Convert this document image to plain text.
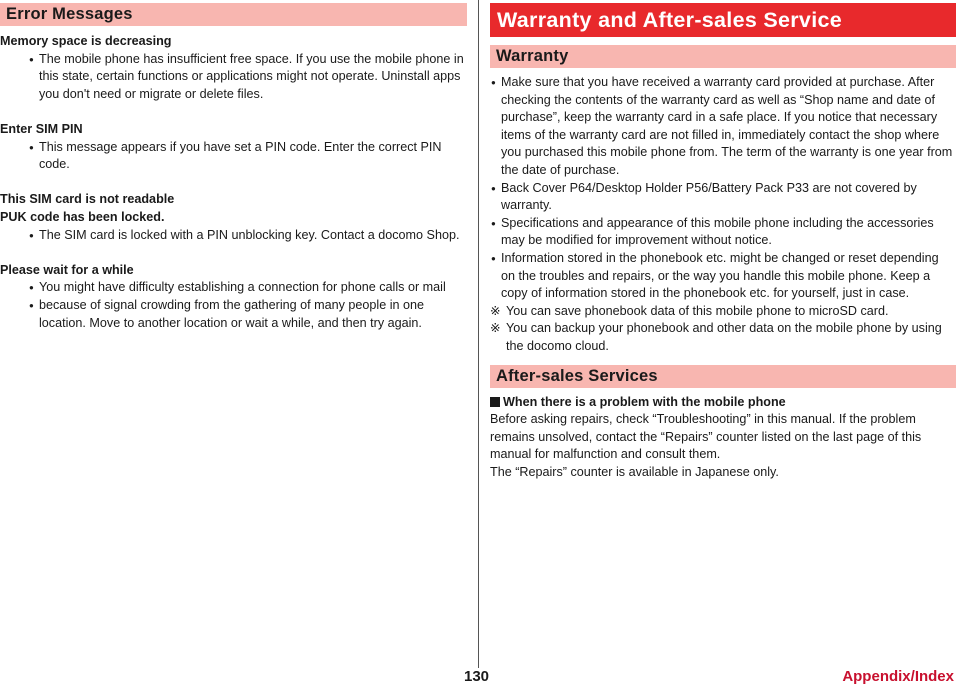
Error Messages
Memory space is decreasing
● The mobile phone has insufficient free space. If you use the mobile phone in this state, certain functions or applications might not operate. Uninstall apps you don't need or migrate or delete files.
Enter SIM PIN
● This message appears if you have set a PIN code. Enter the correct PIN code.
This SIM card is not readable
PUK code has been locked.
● The SIM card is locked with a PIN unblocking key. Contact a docomo Shop.
Please wait for a while
● You might have difficulty establishing a connection for phone calls or mail
● because of signal crowding from the gathering of many people in one location. Move to another location or wait a while, and then try again.
Warranty and After-sales Service
Warranty
● Make sure that you have received a warranty card provided at purchase. After checking the contents of the warranty card as well as “Shop name and date of purchase”, keep the warranty card in a safe place. If you notice that necessary items of the warranty card are not filled in, immediately contact the shop where you purchased this mobile phone from. The term of the warranty is one year from the date of purchase.
● Back Cover P64/Desktop Holder P56/Battery Pack P33 are not covered by warranty.
● Specifications and appearance of this mobile phone including the accessories may be modified for improvement without notice.
● Information stored in the phonebook etc. might be changed or reset depending on the troubles and repairs, or the way you handle this mobile phone. Keep a copy of information stored in the phonebook etc. for yourself, just in case.
※ You can save phonebook data of this mobile phone to microSD card.
※ You can backup your phonebook and other data on the mobile phone by using the docomo cloud.
After-sales Services
When there is a problem with the mobile phone
Before asking repairs, check “Troubleshooting” in this manual. If the problem remains unsolved, contact the “Repairs” counter listed on the last page of this manual for malfunction and consult them.
The “Repairs” counter is available in Japanese only.
130	Appendix/Index
